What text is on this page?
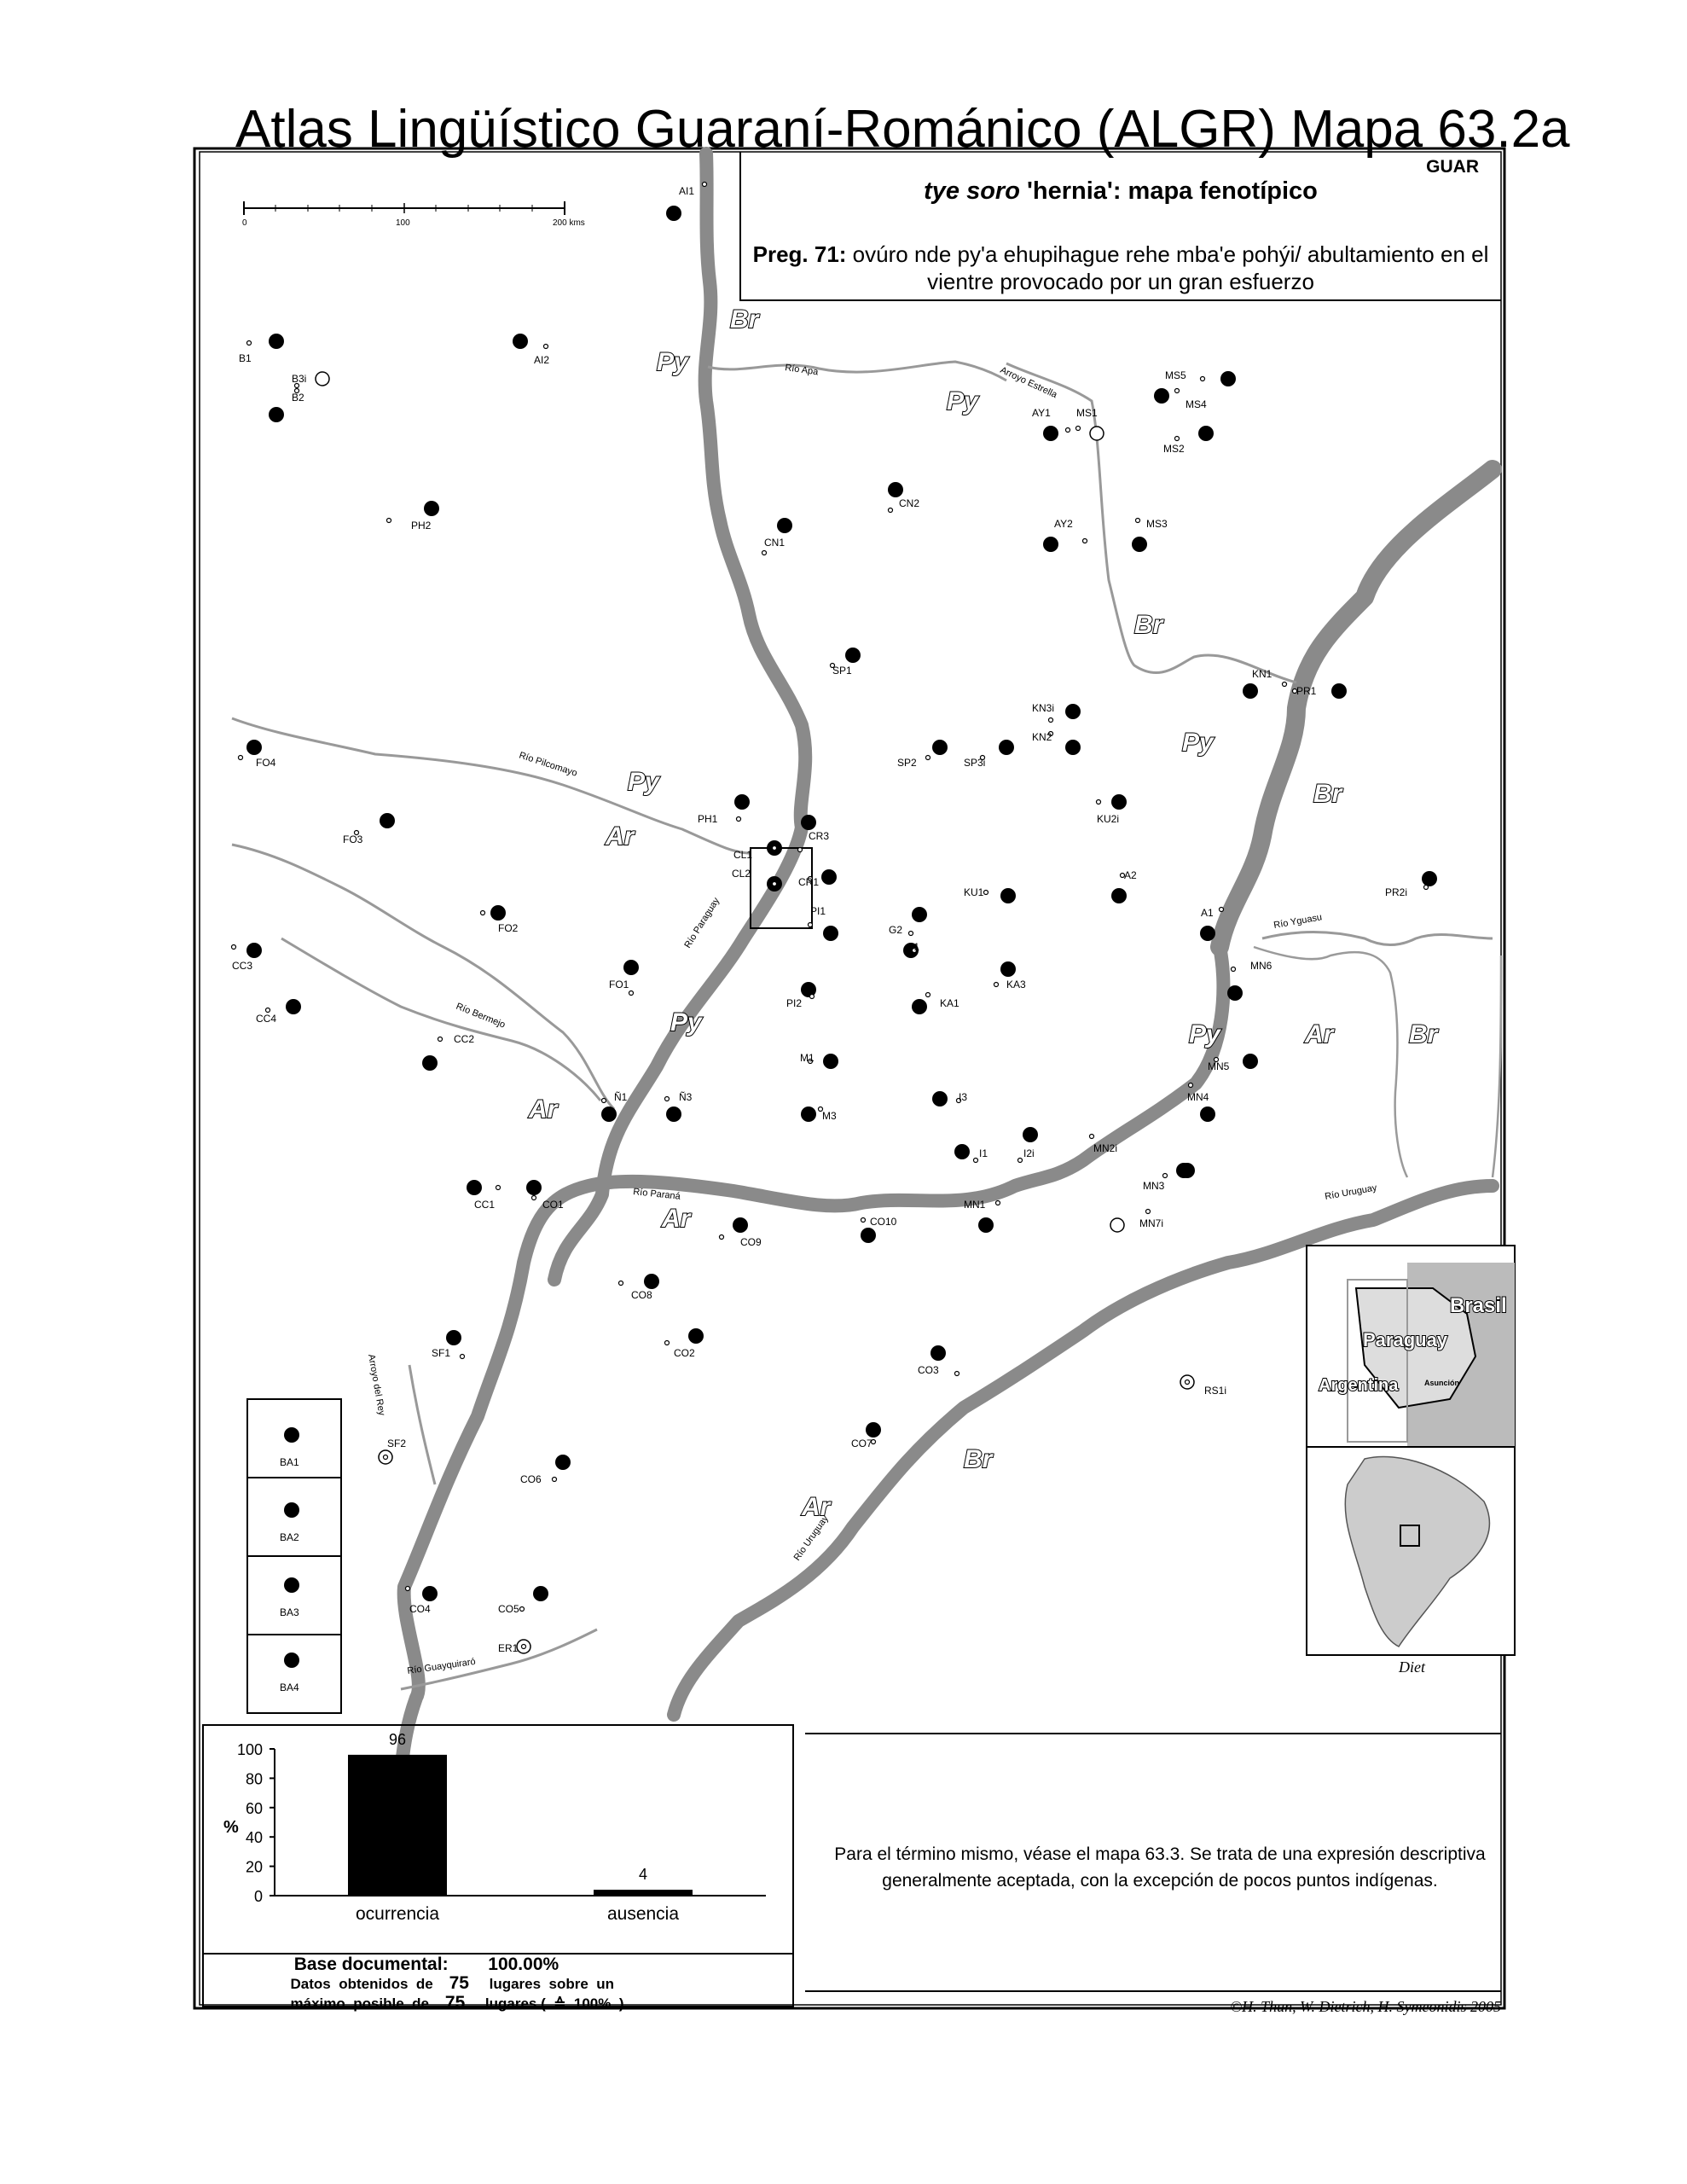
Atlas Lingüístico Guaraní-Románico (ALGR) Mapa 63.2a
0	100	200 kms
Brasil
Paraguay
Argentina	Asunción
Diet
Br
Py
Py
Br
Py
Br
Py
Ar
Py	Py	Ar	Br
Ar
Ar
Br
Ar
Río Apa	Arroyo Estrella
Río Pilcomayo
Río Paraguay
Río Bermejo
Río Paraná
Río Yguasu
Río Uruguay
Arroyo del Rey
Río Uruguay
Río Guayquiraró
AI1
B1	AI2
B3i
B2
MS5
MS4
AY1	MS1
MS2
CN2
PH2
CN1
AY2	MS3
SP1	KN1
PR1
KN3i
KN2
FO4	SP2	SP3i
KU2i
FO3
PH1
CR3
CL1
CL2
CR1
A2
KU1	PR2i
FO2
PI1
G2
G1
A1
CC3
FO1
MN6
KA3
CC4
PI2	KA1
CC2
MN5
M1
Ñ1	Ñ3
M3
I3	MN4
I1	I2i	MN2i
CC1	CO1
MN3
MN1
CO10	MN7i
CO9
CO8
SF1	CO2
CO3
RS1i
SF2	CO7
CO6
CO4	CO5
ER1
BA1
BA2
BA3
BA4
100
80
60
40
20
0
%
96
ocurrencia
4
ausencia
GUAR
tye soro 'hernia': mapa fenotípico
Preg. 71: ovúro nde py'a ehupihague rehe mba'e pohýi/ abultamiento en el vientre provocado por un gran esfuerzo
Para el término mismo, véase el mapa 63.3. Se trata de una expresión descriptiva generalmente aceptada, con la excepción de pocos puntos indígenas.
Base documental: 100.00%
Datos  obtenidos  de 75 lugares  sobre  un
máximo  posible  de 75 lugares (  ≙  100%  )	©H. Thun, W. Dietrich, H. Symeonidis 2005
